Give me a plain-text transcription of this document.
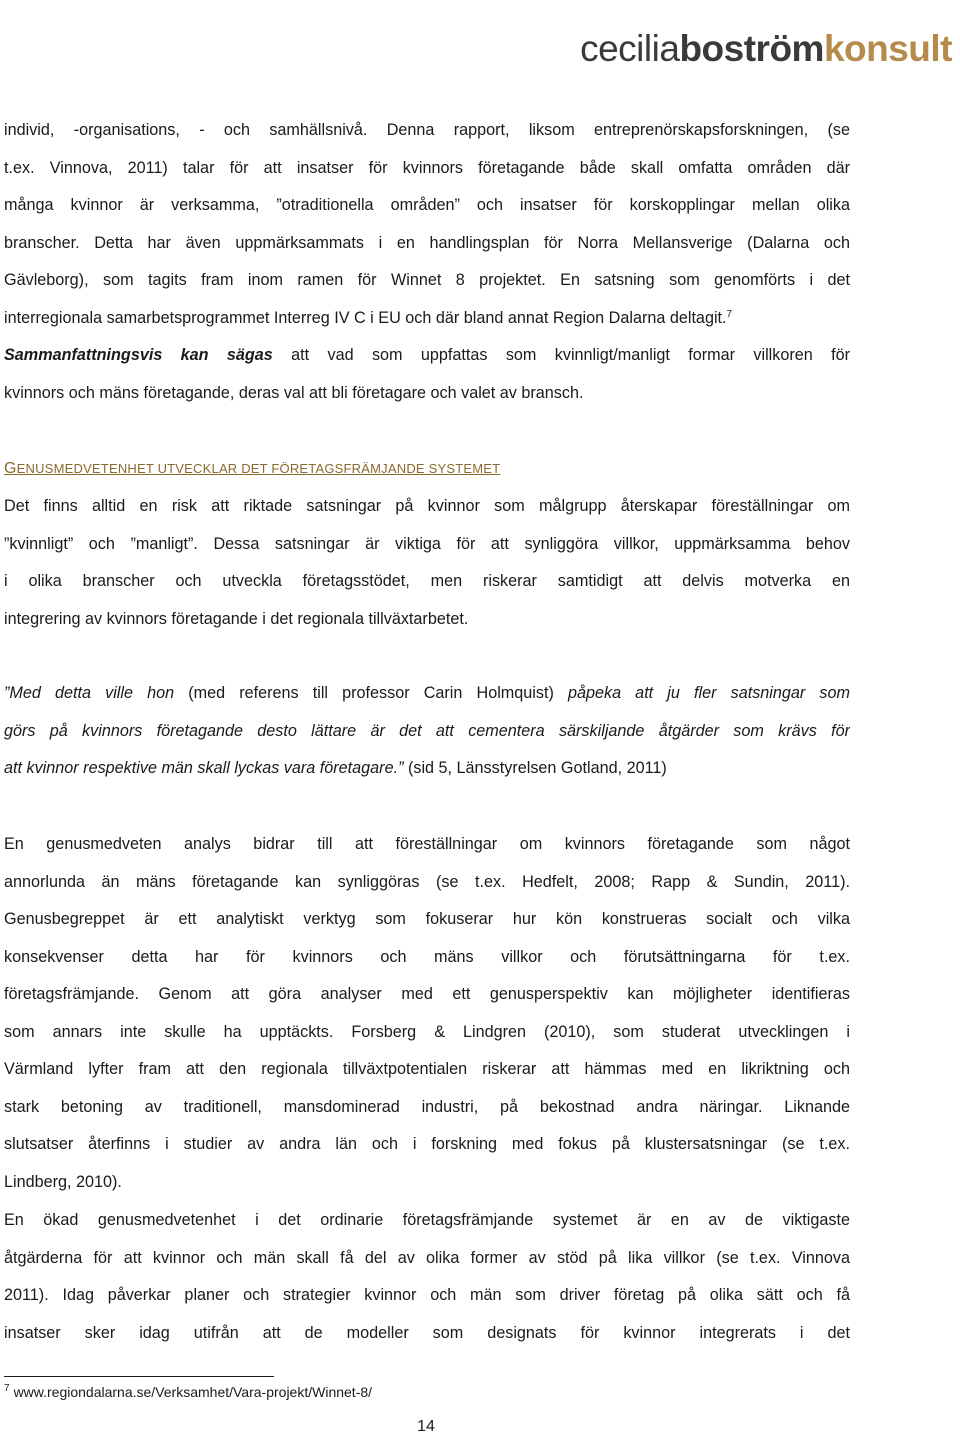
ceciliaboströmkonsult
individ, -organisations, - och samhällsnivå. Denna rapport, liksom entreprenörskapsforskningen, (se
t.ex. Vinnova, 2011) talar för att insatser för kvinnors företagande både skall omfatta områden där
många kvinnor är verksamma, ”otraditionella områden” och insatser för korskopplingar mellan olika
branscher. Detta har även uppmärksammats i en handlingsplan för Norra Mellansverige (Dalarna och
Gävleborg), som tagits fram inom ramen för Winnet 8 projektet. En satsning som genomförts i det
interregionala samarbetsprogrammet Interreg IV C i EU och där bland annat Region Dalarna deltagit.$^7$
Sammanfattningsvis kan sägas att vad som uppfattas som kvinnligt/manligt formar villkoren för
kvinnors och mäns företagande, deras val att bli företagare och valet av bransch.
GENUSMEDVETENHET UTVECKLAR DET FÖRETAGSFRÄMJANDE SYSTEMET
Det finns alltid en risk att riktade satsningar på kvinnor som målgrupp återskapar föreställningar om
”kvinnligt” och ”manligt”. Dessa satsningar är viktiga för att synliggöra villkor, uppmärksamma behov
i olika branscher och utveckla företagsstödet, men riskerar samtidigt att delvis motverka en
integrering av kvinnors företagande i det regionala tillväxtarbetet.
”Med detta ville hon (med referens till professor Carin Holmquist) påpeka att ju fler satsningar som
görs på kvinnors företagande desto lättare är det att cementera särskiljande åtgärder som krävs för
att kvinnor respektive män skall lyckas vara företagare.” (sid 5, Länsstyrelsen Gotland, 2011)
En genusmedveten analys bidrar till att föreställningar om kvinnors företagande som något
annorlunda än mäns företagande kan synliggöras (se t.ex. Hedfelt, 2008; Rapp & Sundin, 2011).
Genusbegreppet är ett analytiskt verktyg som fokuserar hur kön konstrueras socialt och vilka
konsekvenser detta har för kvinnors och mäns villkor och förutsättningarna för t.ex.
företagsfrämjande. Genom att göra analyser med ett genusperspektiv kan möjligheter identifieras
som annars inte skulle ha upptäckts. Forsberg & Lindgren (2010), som studerat utvecklingen i
Värmland lyfter fram att den regionala tillväxtpotentialen riskerar att hämmas med en likriktning och
stark betoning av traditionell, mansdominerad industri, på bekostnad andra näringar. Liknande
slutsatser återfinns i studier av andra län och i forskning med fokus på klustersatsningar (se t.ex.
Lindberg, 2010).
En ökad genusmedvetenhet i det ordinarie företagsfrämjande systemet är en av de viktigaste
åtgärderna för att kvinnor och män skall få del av olika former av stöd på lika villkor (se t.ex. Vinnova
2011). Idag påverkar planer och strategier kvinnor och män som driver företag på olika sätt och få
insatser sker idag utifrån att de modeller som designats för kvinnor integrerats i det
$^7$ www.regiondalarna.se/Verksamhet/Vara-projekt/Winnet-8/
14
